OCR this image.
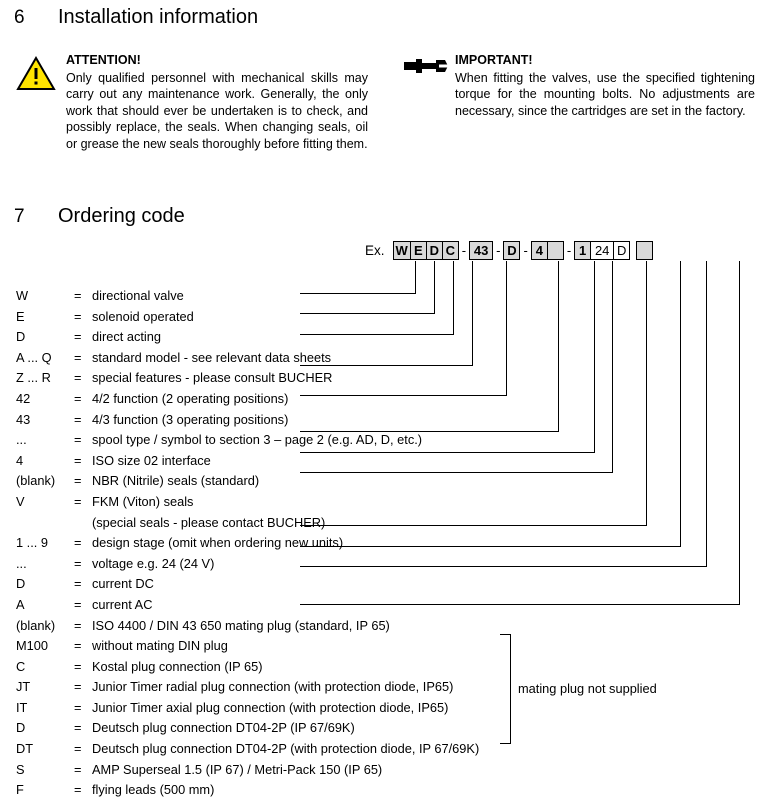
6	Installation information
ATTENTION!
Only qualified personnel with mechanical skills may carry out any maintenance work. Generally, the only work that should ever be undertaken is to check, and possibly replace, the seals. When changing seals, oil or grease the new seals thoroughly before fitting them.
IMPORTANT!
When fitting the valves, use the specified tightening torque for the mounting bolts. No adjustments are necessary, since the cartridges are set in the factory.
7	Ordering code
Ex. W E D C - 43 - D - 4	- 1 24 D
W	= directional valve
E	= solenoid operated
D	= direct acting
A ... Q	= standard model - see relevant data sheets
Z ... R	= special features - please consult BUCHER
42	= 4/2 function (2 operating positions)
43	= 4/3 function (3 operating positions)
...	= spool type / symbol to section 3 – page 2 (e.g. AD, D, etc.)
4	= ISO size 02 interface
(blank)	= NBR (Nitrile) seals (standard)
V	= FKM (Viton) seals
(special seals - please contact BUCHER)
1 ... 9	= design stage (omit when ordering new units)
...	= voltage e.g. 24 (24 V)
D	= current DC
A	= current AC
(blank)	= ISO 4400 / DIN 43 650 mating plug (standard, IP 65)
M100	= without mating DIN plug
C	= Kostal plug connection (IP 65)
JT	= Junior Timer radial plug connection (with protection diode, IP65)
IT	= Junior Timer axial plug connection (with protection diode, IP65)
D	= Deutsch plug connection DT04-2P (IP 67/69K)
DT	= Deutsch plug connection DT04-2P (with protection diode, IP 67/69K)
S	= AMP Superseal 1.5 (IP 67) / Metri-Pack 150 (IP 65)
F	= flying leads (500 mm)
mating plug not supplied
